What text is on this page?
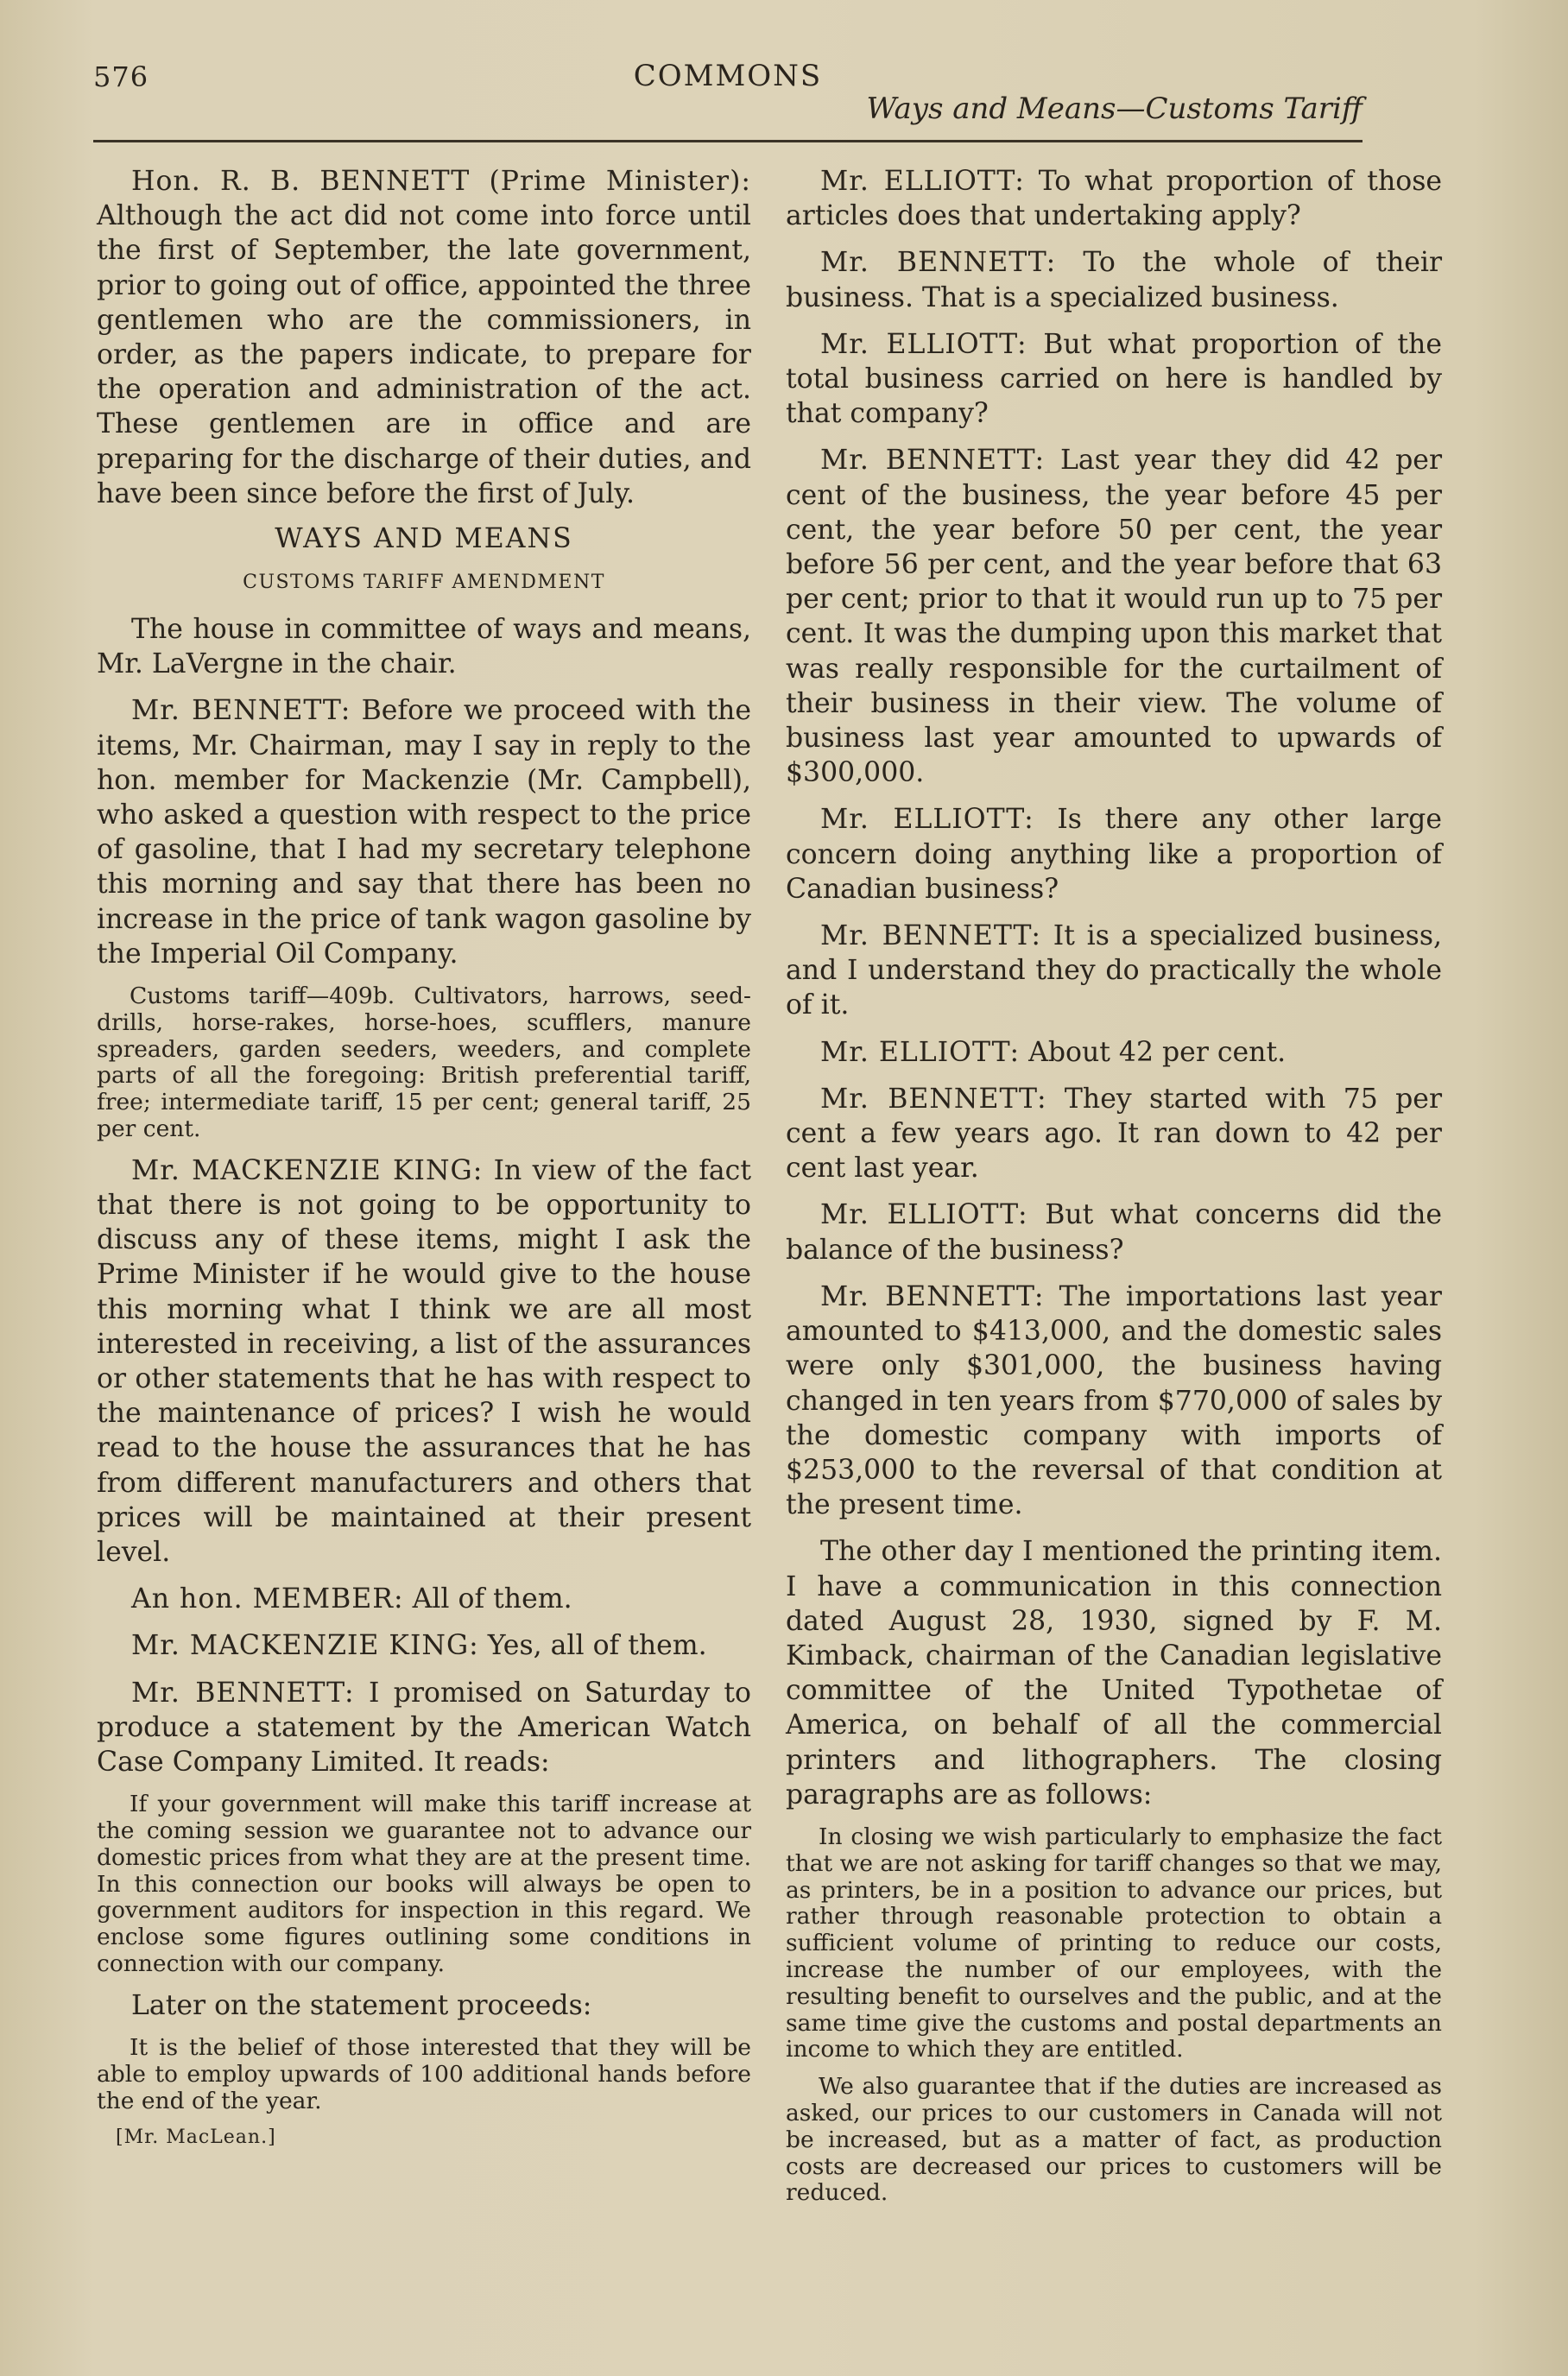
576	COMMONS
Ways and Means—Customs Tariff

Hon. R. B. BENNETT (Prime Minister): Although the act did not come into force until the first of September, the late government, prior to going out of office, appointed the three gentlemen who are the commissioners, in order, as the papers indicate, to prepare for the operation and administration of the act. These gentlemen are in office and are preparing for the discharge of their duties, and have been since before the first of July.

WAYS AND MEANS
CUSTOMS TARIFF AMENDMENT

The house in committee of ways and means, Mr. LaVergne in the chair.

Mr. BENNETT: Before we proceed with the items, Mr. Chairman, may I say in reply to the hon. member for Mackenzie (Mr. Campbell), who asked a question with respect to the price of gasoline, that I had my secretary telephone this morning and say that there has been no increase in the price of tank wagon gasoline by the Imperial Oil Company.

Customs tariff—409b. Cultivators, harrows, seed-drills, horse-rakes, horse-hoes, scufflers, manure spreaders, garden seeders, weeders, and complete parts of all the foregoing: British preferential tariff, free; intermediate tariff, 15 per cent; general tariff, 25 per cent.

Mr. MACKENZIE KING: In view of the fact that there is not going to be opportunity to discuss any of these items, might I ask the Prime Minister if he would give to the house this morning what I think we are all most interested in receiving, a list of the assurances or other statements that he has with respect to the maintenance of prices? I wish he would read to the house the assurances that he has from different manufacturers and others that prices will be maintained at their present level.

An hon. MEMBER: All of them.

Mr. MACKENZIE KING: Yes, all of them.

Mr. BENNETT: I promised on Saturday to produce a statement by the American Watch Case Company Limited. It reads:

If your government will make this tariff increase at the coming session we guarantee not to advance our domestic prices from what they are at the present time. In this connection our books will always be open to government auditors for inspection in this regard. We enclose some figures outlining some conditions in connection with our company.

Later on the statement proceeds:

It is the belief of those interested that they will be able to employ upwards of 100 additional hands before the end of the year.

[Mr. MacLean.]

Mr. ELLIOTT: To what proportion of those articles does that undertaking apply?

Mr. BENNETT: To the whole of their business. That is a specialized business.

Mr. ELLIOTT: But what proportion of the total business carried on here is handled by that company?

Mr. BENNETT: Last year they did 42 per cent of the business, the year before 45 per cent, the year before 50 per cent, the year before 56 per cent, and the year before that 63 per cent; prior to that it would run up to 75 per cent. It was the dumping upon this market that was really responsible for the curtailment of their business in their view. The volume of business last year amounted to upwards of $300,000.

Mr. ELLIOTT: Is there any other large concern doing anything like a proportion of Canadian business?

Mr. BENNETT: It is a specialized business, and I understand they do practically the whole of it.

Mr. ELLIOTT: About 42 per cent.

Mr. BENNETT: They started with 75 per cent a few years ago. It ran down to 42 per cent last year.

Mr. ELLIOTT: But what concerns did the balance of the business?

Mr. BENNETT: The importations last year amounted to $413,000, and the domestic sales were only $301,000, the business having changed in ten years from $770,000 of sales by the domestic company with imports of $253,000 to the reversal of that condition at the present time.

The other day I mentioned the printing item. I have a communication in this connection dated August 28, 1930, signed by F. M. Kimback, chairman of the Canadian legislative committee of the United Typothetae of America, on behalf of all the commercial printers and lithographers. The closing paragraphs are as follows:

In closing we wish particularly to emphasize the fact that we are not asking for tariff changes so that we may, as printers, be in a position to advance our prices, but rather through reasonable protection to obtain a sufficient volume of printing to reduce our costs, increase the number of our employees, with the resulting benefit to ourselves and the public, and at the same time give the customs and postal departments an income to which they are entitled.

We also guarantee that if the duties are increased as asked, our prices to our customers in Canada will not be increased, but as a matter of fact, as production costs are decreased our prices to customers will be reduced.
